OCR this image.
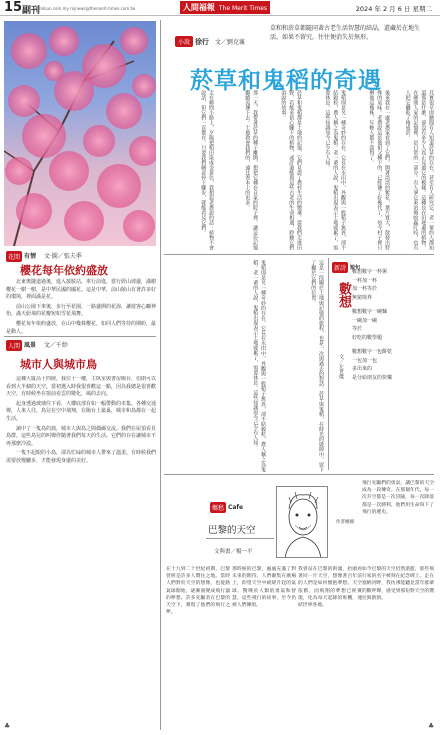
15 副刊
mdsun.com.my mjnews@themerit-times.com.tw	人間福報 The Merit Times	2024 年 2 月 6 日 星期二
花間 有情 文‧圖／張夫季
櫻花每年依約盛放

北東奧隧道過後，進入接駁站，車行前進，當行經山坡邊，滿樹櫻花一樹一樹，是中華民國的國花。這是中華，前山陵山有著許多好的環境，裡面滿是花。

前山公園下車後，步行至花園，一路盛開的花海，讓遊客心曠神怡，滿天紛飛的花瓣宛如雪花飛舞。

櫻花每年依約盛放，在山中幾株櫻花，如同人們等待的期盼，最是動人。

人間 風景 文／千紗
城市人與城市鳥

這棟大廈高十四層，我住十一樓，主臥室與書房陽台，伯朗可以看到大半個的天空。當初選入時我很喜歡這一點，因為我總是很喜歡天空，有時候坐在窗前看雲的變化，風的去向。

起身透過玻璃往下看，大樓底部有如一幅帶動的市集。各種交通聲，人來人往，鳥兒在空中飛翔，在陽台上築巢，城市和鳥都在一起生活。

讀中了一隻鳥的窩，城市人與鳥之間偶爾交流。我們在屋頂看見鳥群，這些鳥兒的叫聲伴隨著我們每天的生活。它們的存在讓城市不再那麼冷漠。

一隻不起眼的小鳥，卻為忙碌的城市人帶來了溫柔。有時候我們需要放慢腳步，才能發現身邊的美好。

小說 徐行 文／劉克襄
草和和菸草都隨同著古老生活智慧的結晶，還藏於在地生活，如果不留究，往往便消失於無形。
菸草和鬼稻的奇遇
其實很早即聽聞有人知道菸草的存在，甚至有人研究它，老一輩的人都知道那是什麼，卻沒有多少人真正見過它的模樣。這種長在田埂邊的植物，在鄉間人家的記憶裡，是日常的一部分。有人拿它來治療蚊蟲叮咬，也有人把它曬乾了捲成菸。
後來我在一處老農家看到了它們，開著淡淡的紫花，葉片寬大，散發出特殊的氣味。老農說這是他祖父種下的，已經傳了好幾代了，如今村子裡只剩他這幾株，年輕人都不認得了。
鬼稻則是另一種奇妙的存在。它長在水田中，外觀與一般稻子無異，卻不結穀粒，農人稱之為鬼稻。老一輩的人說，鬼稻出現表示土地疲累了，需要休息。這些知識如今已少有人知。
菸草和鬼稻都是土地的記憶，它們見證了農村生活的變遷。當我們走進田野，若能多留心腳下的植物，或許還能與這些古老的生命相遇，聆聽它們訴說的故事。
那一天，我帶著菸草的種子離開，想把它種在自家的院子裡，讓這份記憶繼續流傳下去。土地教會我們的，遠比書本上的更多。
走在鄉間小路上，夕陽把稻田染成金黃色，我想起老農說的話：植物不會說話，但它們一直都在。只要我們願意停下腳步，就能看見它們。
這是一段關於土地與記憶的旅程，也是一次與過去的對話。菸草與鬼稻，在時光的縫隙中，留下了屬於它們的位置。
鬼稻則是另一種奇妙的存在。它長在水田中，外觀與一般稻子無異，卻不結穀粒，農人稱之為鬼稻。老一輩的人說，鬼稻出現表示土地疲累了，需要休息。這些知識如今已少有人知。	新詩 短句
數想
文／左世傑
數想數字一杯粥
一杯加一杯
加一杯等於
無窮境界
數想數字一碗麵
一碗加一碗
等於
好吃的數學題
數想數字一包餅乾
一包加一包
多出來的
是分給朋友的快樂
鄉愁 Cafe
巴黎的天空
文與畫／楊一平
作者繪圖
在十九到二十世紀初期，巴黎曾經是許多人嚮往之地。當時人們對於天空的想像，也從熱氣球開始，逐漸演變成飛行器的夢想。許多先驅者在巴黎的天空下，實現了他們的飛行之夢。
那時候的巴黎，處處充滿了對未來的期待。人們聚集在廣場上，仰望天空中緩緩升起的氣球，驚嘆於人類的勇氣和智慧。這些飛行的故事，至今仍被人們傳頌。
我曾站在巴黎的街頭，抬頭看著同一片天空，想像著百年前的人們是如何懷抱夢想。天空依舊，而飛翔的夢想已經實現，化為每天起降的班機，連結世界各地。
飛行先驅們的勇氣，讓巴黎的天空成為一段傳奇。在那個年代，每一次升空都是一次冒險，每一次降落都是一次勝利。他們用生命寫下了飛行的歷史。
如今巴黎的天空仍然湛藍，那些飛行家的名字被刻在紀念碑上。走在塞納河畔，我彷彿能聽見當年群眾的歡呼聲，感受到那份對天空的嚮往與熱情。
♣	♣
